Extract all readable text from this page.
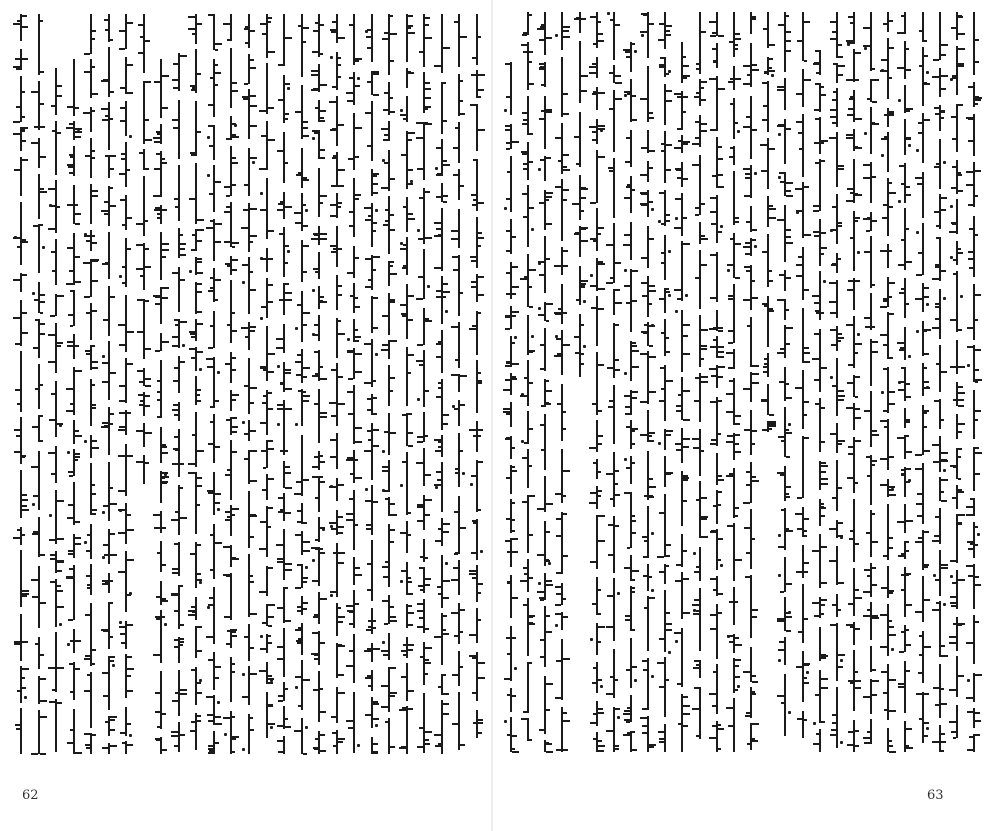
62	63
